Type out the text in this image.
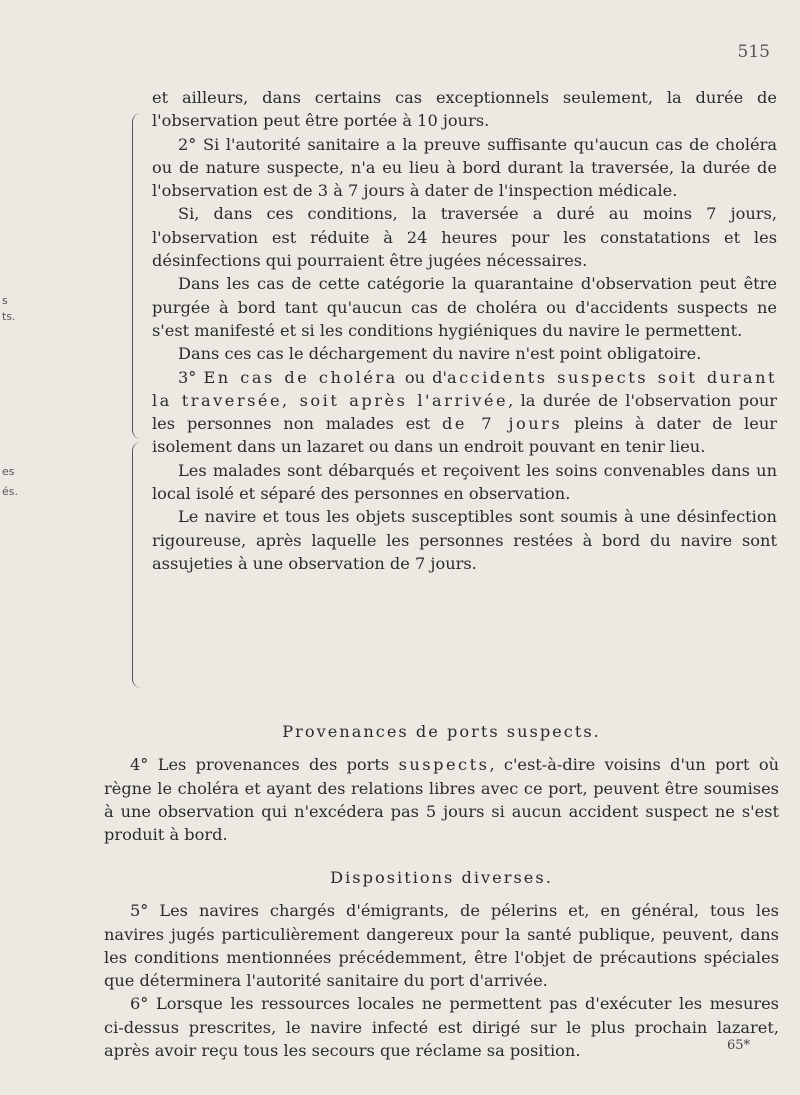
515
s
ts.
es
és.

et ailleurs, dans certains cas exceptionnels seulement, la durée de l'observation peut être portée à 10 jours.

2° Si l'autorité sanitaire a la preuve suffisante qu'aucun cas de choléra ou de nature suspecte, n'a eu lieu à bord durant la traversée, la durée de l'observation est de 3 à 7 jours à dater de l'inspection médicale.

Si, dans ces conditions, la traversée a duré au moins 7 jours, l'observation est réduite à 24 heures pour les constatations et les désinfections qui pourraient être jugées nécessaires.

Dans les cas de cette catégorie la quarantaine d'observation peut être purgée à bord tant qu'aucun cas de choléra ou d'accidents suspects ne s'est manifesté et si les conditions hygiéniques du navire le permettent.

Dans ces cas le déchargement du navire n'est point obligatoire.

3° En cas de choléra ou d'accidents suspects soit durant la traversée, soit après l'arrivée, la durée de l'observation pour les personnes non malades est de 7 jours pleins à dater de leur isolement dans un lazaret ou dans un endroit pouvant en tenir lieu.

Les malades sont débarqués et reçoivent les soins convenables dans un local isolé et séparé des personnes en observation.

Le navire et tous les objets susceptibles sont soumis à une désinfection rigoureuse, après laquelle les personnes restées à bord du navire sont assujeties à une observation de 7 jours.

Provenances de ports suspects.

4° Les provenances des ports suspects, c'est-à-dire voisins d'un port où règne le choléra et ayant des relations libres avec ce port, peuvent être soumises à une observation qui n'excédera pas 5 jours si aucun accident suspect ne s'est produit à bord.

Dispositions diverses.

5° Les navires chargés d'émigrants, de pélerins et, en général, tous les navires jugés particulièrement dangereux pour la santé publique, peuvent, dans les conditions mentionnées précédemment, être l'objet de précautions spéciales que déterminera l'autorité sanitaire du port d'arrivée.

6° Lorsque les ressources locales ne permettent pas d'exécuter les mesures ci-dessus prescrites, le navire infecté est dirigé sur le plus prochain lazaret, après avoir reçu tous les secours que réclame sa position.	65*
